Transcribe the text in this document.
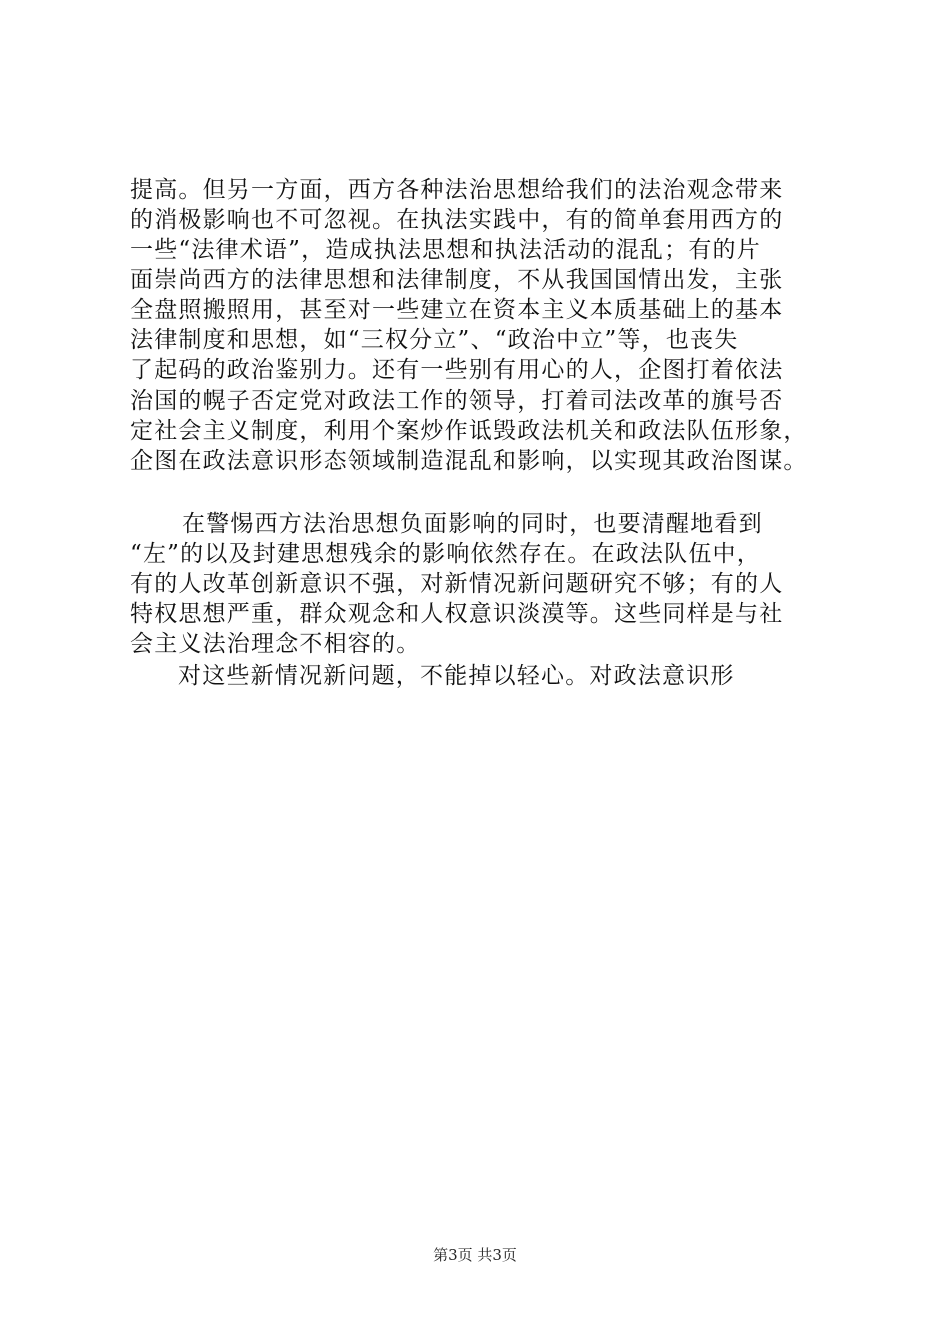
提高。但另一方面，西方各种法治思想给我们的法治观念带来
的消极影响也不可忽视。在执法实践中，有的简单套用西方的
一些“法律术语”，造成执法思想和执法活动的混乱；有的片
面崇尚西方的法律思想和法律制度，不从我国国情出发，主张
全盘照搬照用，甚至对一些建立在资本主义本质基础上的基本
法律制度和思想，如“三权分立”、“政治中立”等，也丧失
了起码的政治鉴别力。还有一些别有用心的人，企图打着依法
治国的幌子否定党对政法工作的领导，打着司法改革的旗号否
定社会主义制度，利用个案炒作诋毁政法机关和政法队伍形象，
企图在政法意识形态领域制造混乱和影响，以实现其政治图谋。
在警惕西方法治思想负面影响的同时，也要清醒地看到
“左”的以及封建思想残余的影响依然存在。在政法队伍中，
有的人改革创新意识不强，对新情况新问题研究不够；有的人
特权思想严重，群众观念和人权意识淡漠等。这些同样是与社
会主义法治理念不相容的。
对这些新情况新问题，不能掉以轻心。对政法意识形
第3页 共3页
